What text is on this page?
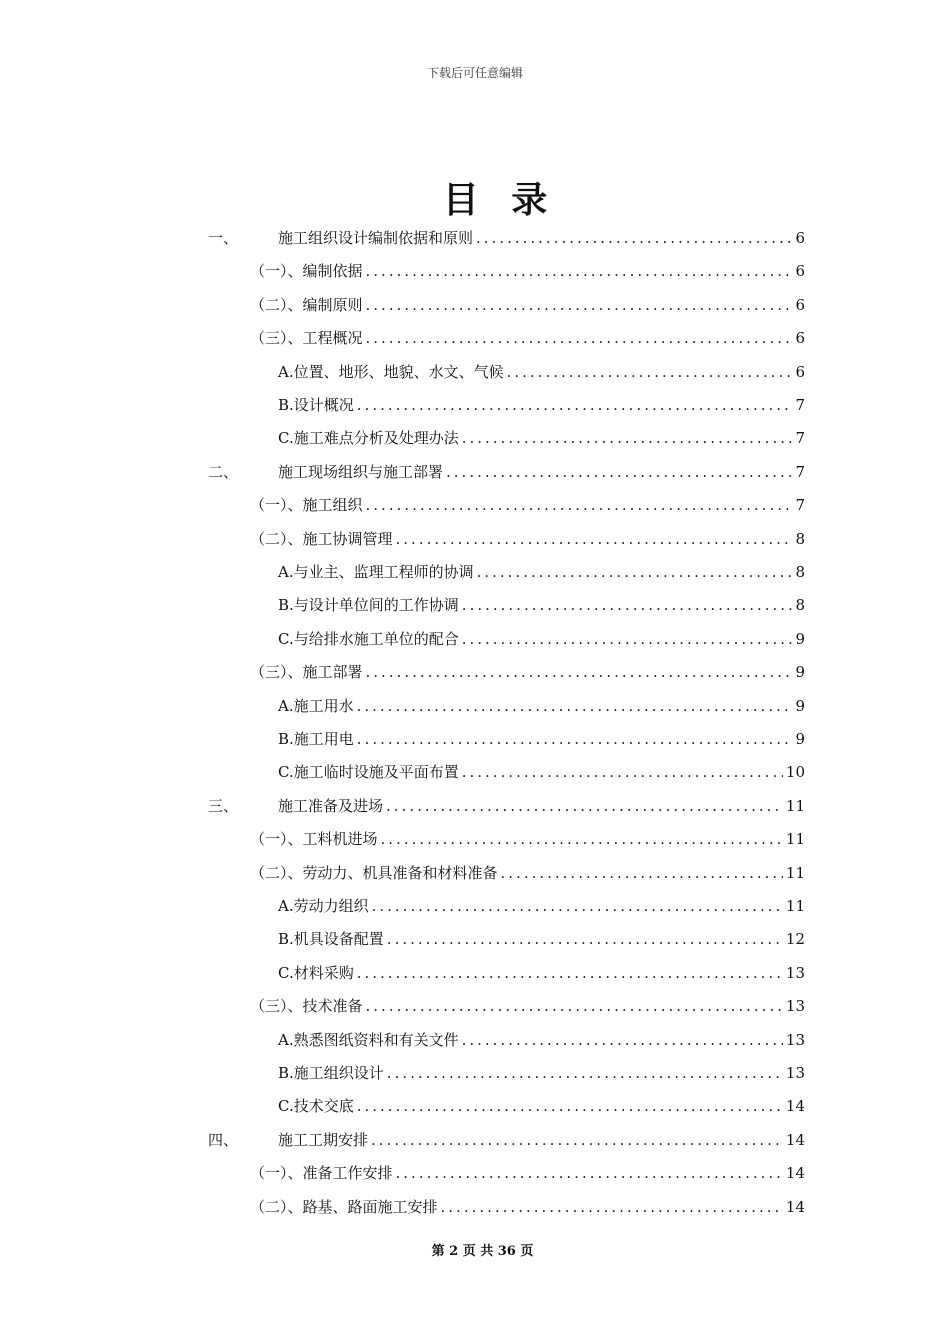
下载后可任意编辑
目 录
一、	施工组织设计编制依据和原则 .....	6
（一）、编制依据 .....	6
（二）、编制原则 .....	6
（三）、工程概况 .....	6
A.位置、地形、地貌、水文、气候 .....	6
B.设计概况 .....	7
C.施工难点分析及处理办法 .....	7
二、	施工现场组织与施工部署 .....	7
（一）、施工组织 .....	7
（二）、施工协调管理 .....	8
A.与业主、监理工程师的协调 .....	8
B.与设计单位间的工作协调 .....	8
C.与给排水施工单位的配合 .....	9
（三）、施工部署 .....	9
A.施工用水 .....	9
B.施工用电 .....	9
C.施工临时设施及平面布置 .....	10
三、	施工准备及进场 .....	11
（一）、工料机进场 .....	11
（二）、劳动力、机具准备和材料准备 .....	11
A.劳动力组织 .....	11
B.机具设备配置 .....	12
C.材料采购 .....	13
（三）、技术准备 .....	13
A.熟悉图纸资料和有关文件 .....	13
B.施工组织设计 .....	13
C.技术交底 .....	14
四、	施工工期安排 .....	14
（一）、准备工作安排 .....	14
（二）、路基、路面施工安排 .....	14
第 2 页 共 36 页
